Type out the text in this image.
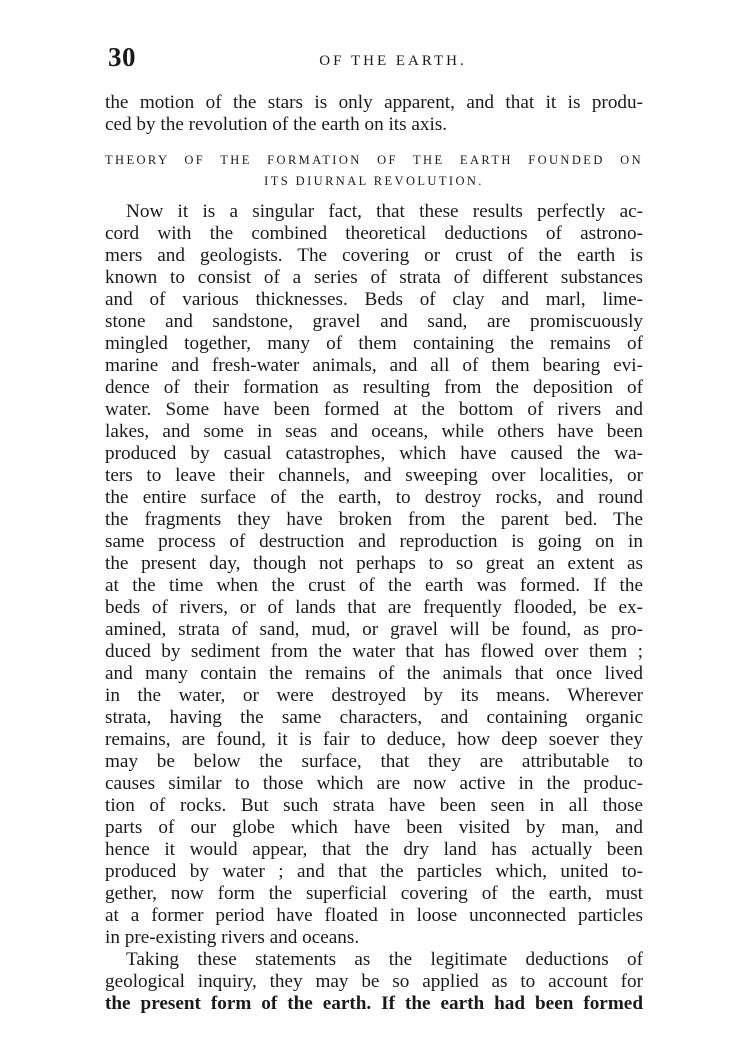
30	OF THE EARTH.
the motion of the stars is only apparent, and that it is produ-
ced by the revolution of the earth on its axis.
THEORY OF THE FORMATION OF THE EARTH FOUNDED ON
ITS DIURNAL REVOLUTION.
Now it is a singular fact, that these results perfectly ac-
cord with the combined theoretical deductions of astrono-
mers and geologists. The covering or crust of the earth is
known to consist of a series of strata of different substances
and of various thicknesses. Beds of clay and marl, lime-
stone and sandstone, gravel and sand, are promiscuously
mingled together, many of them containing the remains of
marine and fresh-water animals, and all of them bearing evi-
dence of their formation as resulting from the deposition of
water. Some have been formed at the bottom of rivers and
lakes, and some in seas and oceans, while others have been
produced by casual catastrophes, which have caused the wa-
ters to leave their channels, and sweeping over localities, or
the entire surface of the earth, to destroy rocks, and round
the fragments they have broken from the parent bed. The
same process of destruction and reproduction is going on in
the present day, though not perhaps to so great an extent as
at the time when the crust of the earth was formed. If the
beds of rivers, or of lands that are frequently flooded, be ex-
amined, strata of sand, mud, or gravel will be found, as pro-
duced by sediment from the water that has flowed over them ;
and many contain the remains of the animals that once lived
in the water, or were destroyed by its means. Wherever
strata, having the same characters, and containing organic
remains, are found, it is fair to deduce, how deep soever they
may be below the surface, that they are attributable to
causes similar to those which are now active in the produc-
tion of rocks. But such strata have been seen in all those
parts of our globe which have been visited by man, and
hence it would appear, that the dry land has actually been
produced by water ; and that the particles which, united to-
gether, now form the superficial covering of the earth, must
at a former period have floated in loose unconnected particles
in pre-existing rivers and oceans.
Taking these statements as the legitimate deductions of
geological inquiry, they may be so applied as to account for
the present form of the earth. If the earth had been formed
